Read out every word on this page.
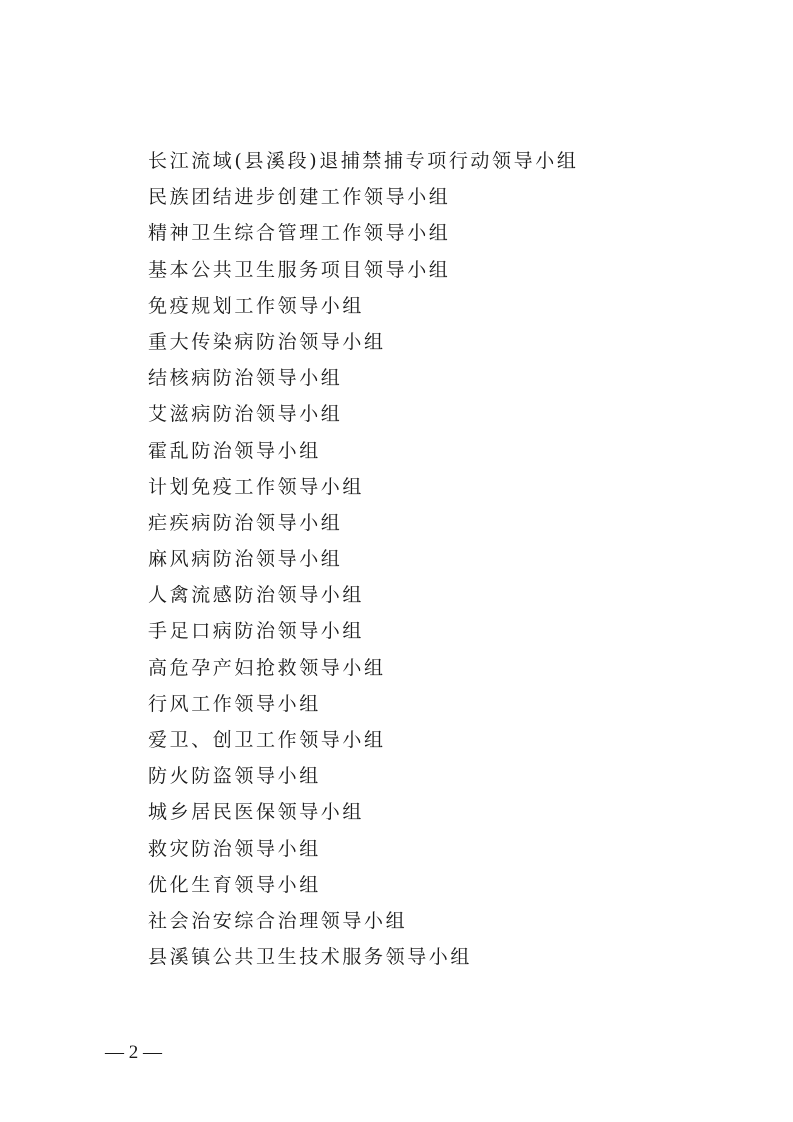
长江流域(县溪段)退捕禁捕专项行动领导小组
民族团结进步创建工作领导小组
精神卫生综合管理工作领导小组
基本公共卫生服务项目领导小组
免疫规划工作领导小组
重大传染病防治领导小组
结核病防治领导小组
艾滋病防治领导小组
霍乱防治领导小组
计划免疫工作领导小组
疟疾病防治领导小组
麻风病防治领导小组
人禽流感防治领导小组
手足口病防治领导小组
高危孕产妇抢救领导小组
行风工作领导小组
爱卫、创卫工作领导小组
防火防盗领导小组
城乡居民医保领导小组
救灾防治领导小组
优化生育领导小组
社会治安综合治理领导小组
县溪镇公共卫生技术服务领导小组
— 2 —
